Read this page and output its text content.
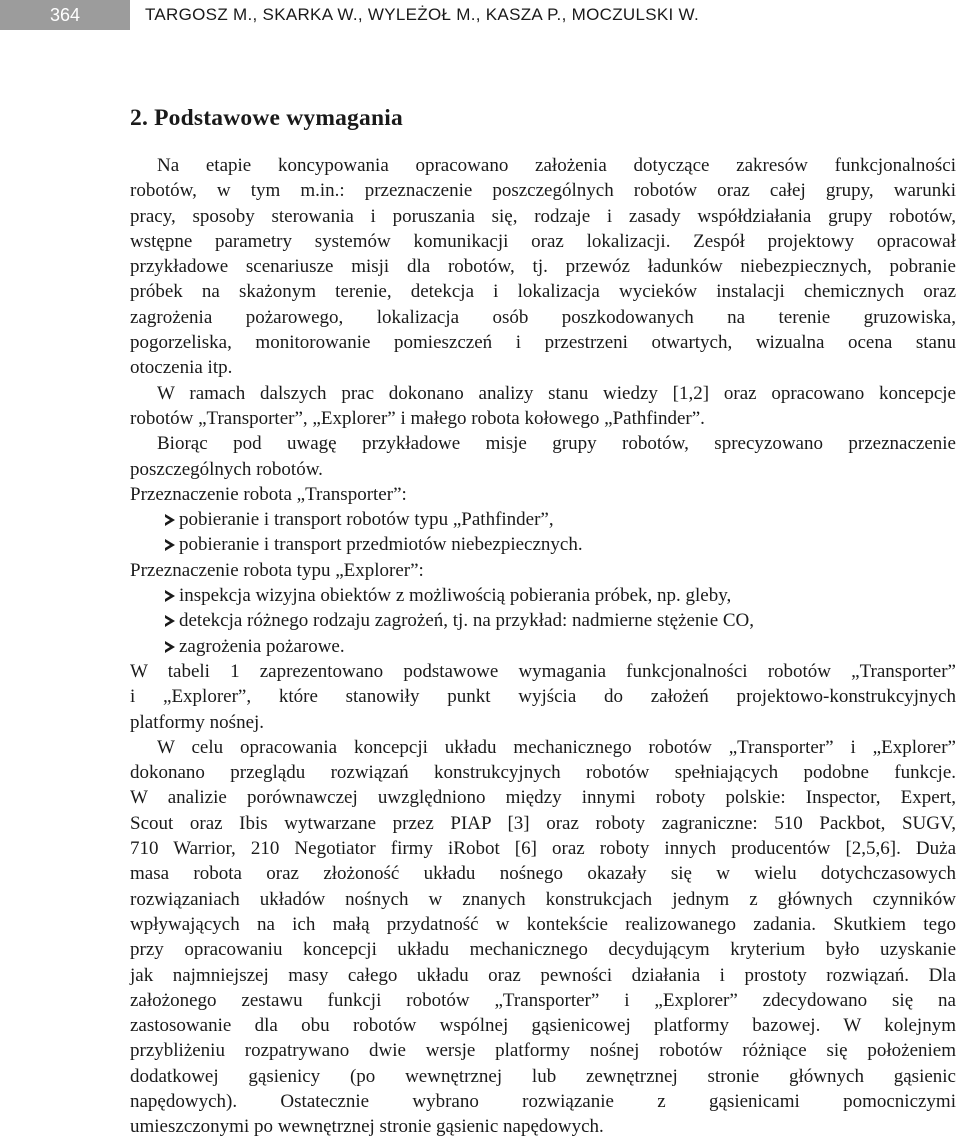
364	TARGOSZ M., SKARKA W., WYLEŻOŁ M., KASZA P., MOCZULSKI W.
2. Podstawowe wymagania

Na etapie koncypowania opracowano założenia dotyczące zakresów funkcjonalności

robotów, w tym m.in.: przeznaczenie poszczególnych robotów oraz całej grupy, warunki

pracy, sposoby sterowania i poruszania się, rodzaje i zasady współdziałania grupy robotów,

wstępne parametry systemów komunikacji oraz lokalizacji. Zespół projektowy opracował

przykładowe scenariusze misji dla robotów, tj. przewóz ładunków niebezpiecznych, pobranie

próbek na skażonym terenie, detekcja i lokalizacja wycieków instalacji chemicznych oraz

zagrożenia pożarowego, lokalizacja osób poszkodowanych na terenie gruzowiska,

pogorzeliska, monitorowanie pomieszczeń i przestrzeni otwartych, wizualna ocena stanu

otoczenia itp.

W ramach dalszych prac dokonano analizy stanu wiedzy [1,2] oraz opracowano koncepcje

robotów „Transporter”, „Explorer” i małego robota kołowego „Pathfinder”.

Biorąc pod uwagę przykładowe misje grupy robotów, sprecyzowano przeznaczenie

poszczególnych robotów.

Przeznaczenie robota „Transporter”:

pobieranie i transport robotów typu „Pathfinder”,

pobieranie i transport przedmiotów niebezpiecznych.

Przeznaczenie robota typu „Explorer”:

inspekcja wizyjna obiektów z możliwością pobierania próbek, np. gleby,

detekcja różnego rodzaju zagrożeń, tj. na przykład: nadmierne stężenie CO,

zagrożenia pożarowe.

W tabeli 1 zaprezentowano podstawowe wymagania funkcjonalności robotów „Transporter”

i „Explorer”, które stanowiły punkt wyjścia do założeń projektowo-konstrukcyjnych

platformy nośnej.

W celu opracowania koncepcji układu mechanicznego robotów „Transporter” i „Explorer”

dokonano przeglądu rozwiązań konstrukcyjnych robotów spełniających podobne funkcje.

W analizie porównawczej uwzględniono między innymi roboty polskie: Inspector, Expert,

Scout oraz Ibis wytwarzane przez PIAP [3] oraz roboty zagraniczne: 510 Packbot, SUGV,

710 Warrior, 210 Negotiator firmy iRobot [6] oraz roboty innych producentów [2,5,6]. Duża

masa robota oraz złożoność układu nośnego okazały się w wielu dotychczasowych

rozwiązaniach układów nośnych w znanych konstrukcjach jednym z głównych czynników

wpływających na ich małą przydatność w kontekście realizowanego zadania. Skutkiem tego

przy opracowaniu koncepcji układu mechanicznego decydującym kryterium było uzyskanie

jak najmniejszej masy całego układu oraz pewności działania i prostoty rozwiązań. Dla

założonego zestawu funkcji robotów „Transporter” i „Explorer” zdecydowano się na

zastosowanie dla obu robotów wspólnej gąsienicowej platformy bazowej. W kolejnym

przybliżeniu rozpatrywano dwie wersje platformy nośnej robotów różniące się położeniem

dodatkowej gąsienicy (po wewnętrznej lub zewnętrznej stronie głównych gąsienic

napędowych). Ostatecznie wybrano rozwiązanie z gąsienicami pomocniczymi

umieszczonymi po wewnętrznej stronie gąsienic napędowych.
